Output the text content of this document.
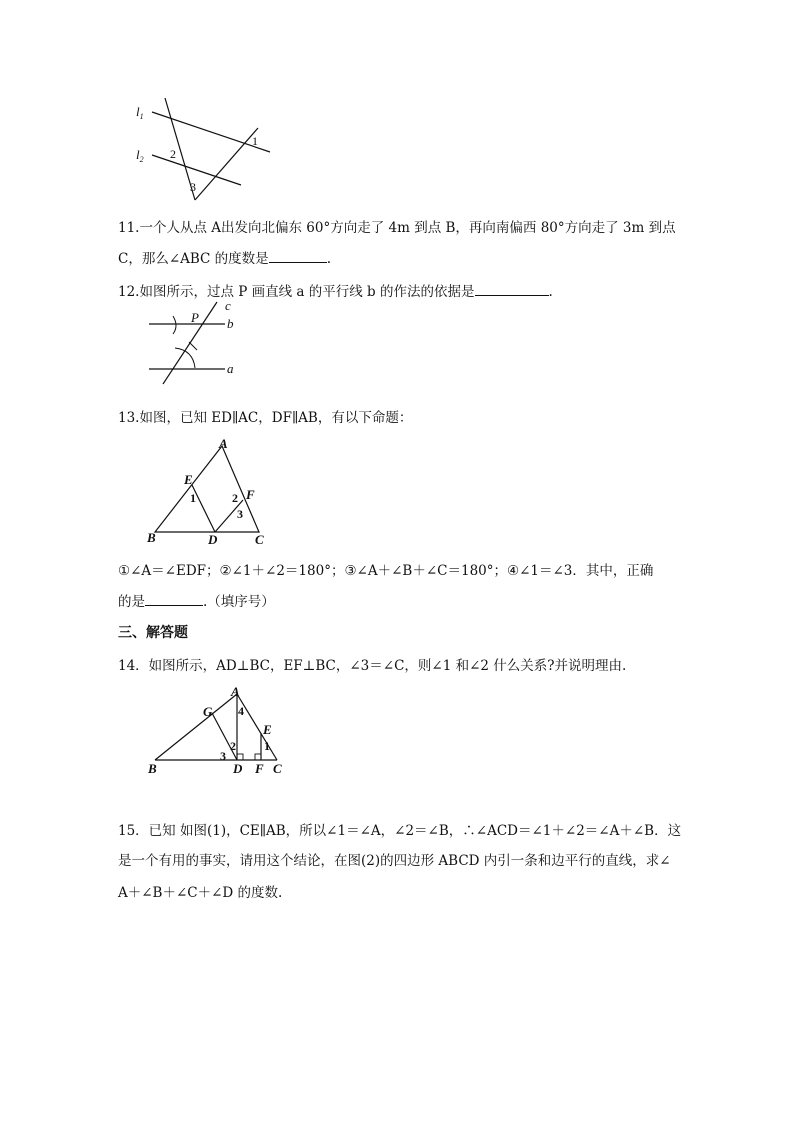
$l_1$
$l_2$
1
2
3
11.一个人从点 A出发向北偏东 60°方向走了 4m 到点 B，再向南偏西 80°方向走了 3m 到点
C，那么∠ABC 的度数是	.
12.如图所示，过点 P 画直线 a 的平行线 b 的作法的依据是	.
P
c
b
a
13.如图，已知 ED∥AC，DF∥AB，有以下命题：
A
B	C
D
E
F
1	2
3
①∠A＝∠EDF；②∠1＋∠2＝180°；③∠A＋∠B＋∠C＝180°；④∠1＝∠3．其中，正确
的是	.（填序号）
三、解答题
14．如图所示，AD⊥BC，EF⊥BC，∠3＝∠C，则∠1 和∠2 什么关系?并说明理由.
A
B	C
D
E
F
G
1
2
3
4
15．已知 如图(1)，CE∥AB，所以∠1＝∠A，∠2＝∠B，∴∠ACD＝∠1＋∠2＝∠A＋∠B．这
是一个有用的事实，请用这个结论，在图(2)的四边形 ABCD 内引一条和边平行的直线，求∠
A＋∠B＋∠C＋∠D 的度数.
